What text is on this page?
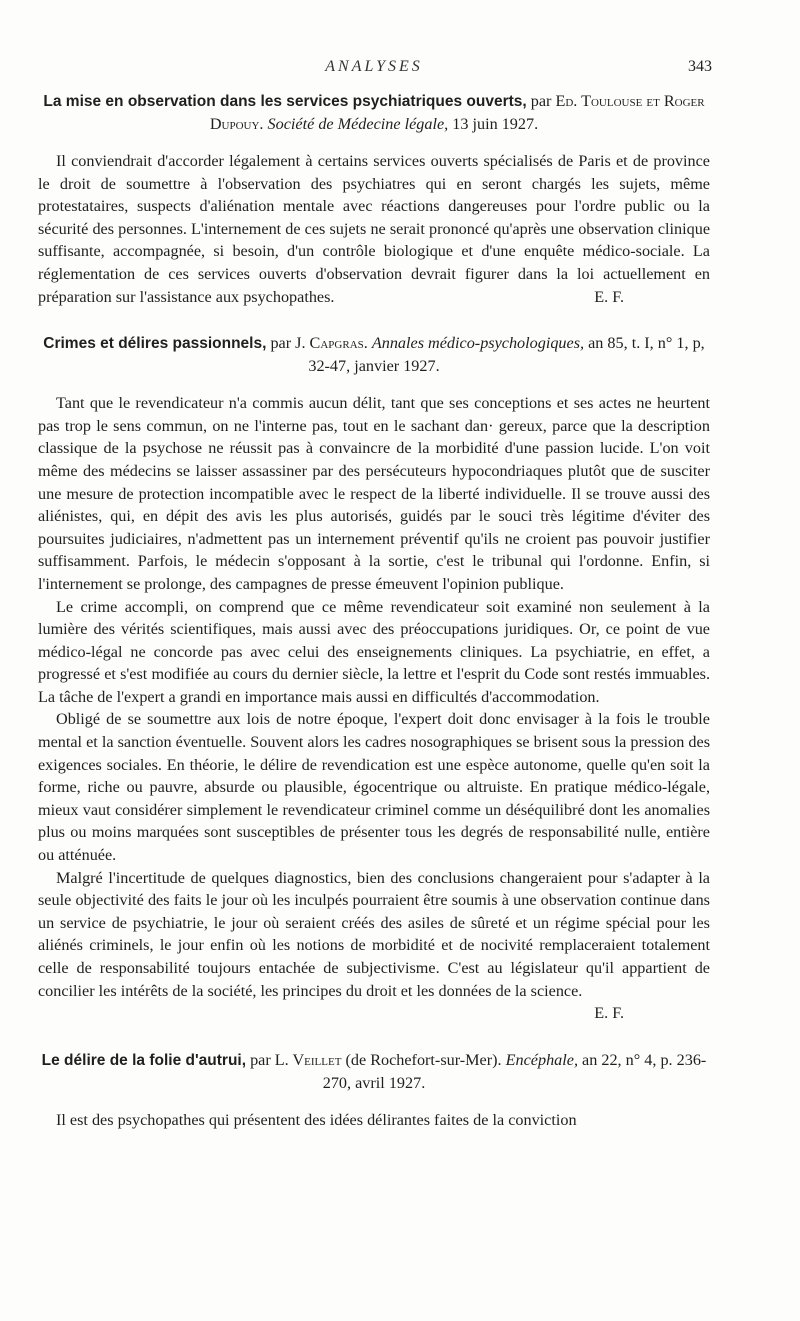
ANALYSES	343

La mise en observation dans les services psychiatriques ouverts, par Ed. Toulouse et Roger Dupouy. Société de Médecine légale, 13 juin 1927.

Il conviendrait d'accorder légalement à certains services ouverts spécialisés de Paris et de province le droit de soumettre à l'observation des psychiatres qui en seront chargés les sujets, même protestataires, suspects d'aliénation mentale avec réactions dangereuses pour l'ordre public ou la sécurité des personnes. L'internement de ces sujets ne serait prononcé qu'après une observation clinique suffisante, accompagnée, si besoin, d'un contrôle biologique et d'une enquête médico-sociale. La réglementation de ces services ouverts d'observation devrait figurer dans la loi actuellement en préparation sur l'assistance aux psychopathes.	E. F.

Crimes et délires passionnels, par J. Capgras. Annales médico-psychologiques, an 85, t. I, n° 1, p, 32-47, janvier 1927.

Tant que le revendicateur n'a commis aucun délit, tant que ses conceptions et ses actes ne heurtent pas trop le sens commun, on ne l'interne pas, tout en le sachant dan· gereux, parce que la description classique de la psychose ne réussit pas à convaincre de la morbidité d'une passion lucide. L'on voit même des médecins se laisser assassiner par des persécuteurs hypocondriaques plutôt que de susciter une mesure de protection incompatible avec le respect de la liberté individuelle. Il se trouve aussi des aliénistes, qui, en dépit des avis les plus autorisés, guidés par le souci très légitime d'éviter des poursuites judiciaires, n'admettent pas un internement préventif qu'ils ne croient pas pouvoir justifier suffisamment. Parfois, le médecin s'opposant à la sortie, c'est le tribunal qui l'ordonne. Enfin, si l'internement se prolonge, des campagnes de presse émeuvent l'opinion publique.

Le crime accompli, on comprend que ce même revendicateur soit examiné non seulement à la lumière des vérités scientifiques, mais aussi avec des préoccupations juridiques. Or, ce point de vue médico-légal ne concorde pas avec celui des enseignements cliniques. La psychiatrie, en effet, a progressé et s'est modifiée au cours du dernier siècle, la lettre et l'esprit du Code sont restés immuables. La tâche de l'expert a grandi en importance mais aussi en difficultés d'accommodation.

Obligé de se soumettre aux lois de notre époque, l'expert doit donc envisager à la fois le trouble mental et la sanction éventuelle. Souvent alors les cadres nosographiques se brisent sous la pression des exigences sociales. En théorie, le délire de revendication est une espèce autonome, quelle qu'en soit la forme, riche ou pauvre, absurde ou plausible, égocentrique ou altruiste. En pratique médico-légale, mieux vaut considérer simplement le revendicateur criminel comme un déséquilibré dont les anomalies plus ou moins marquées sont susceptibles de présenter tous les degrés de responsabilité nulle, entière ou atténuée.

Malgré l'incertitude de quelques diagnostics, bien des conclusions changeraient pour s'adapter à la seule objectivité des faits le jour où les inculpés pourraient être soumis à une observation continue dans un service de psychiatrie, le jour où seraient créés des asiles de sûreté et un régime spécial pour les aliénés criminels, le jour enfin où les notions de morbidité et de nocivité remplaceraient totalement celle de responsabilité toujours entachée de subjectivisme. C'est au législateur qu'il appartient de concilier les intérêts de la société, les principes du droit et les données de la science.
E. F.

Le délire de la folie d'autrui, par L. Veillet (de Rochefort-sur-Mer). Encéphale, an 22, n° 4, p. 236-270, avril 1927.

Il est des psychopathes qui présentent des idées délirantes faites de la conviction
